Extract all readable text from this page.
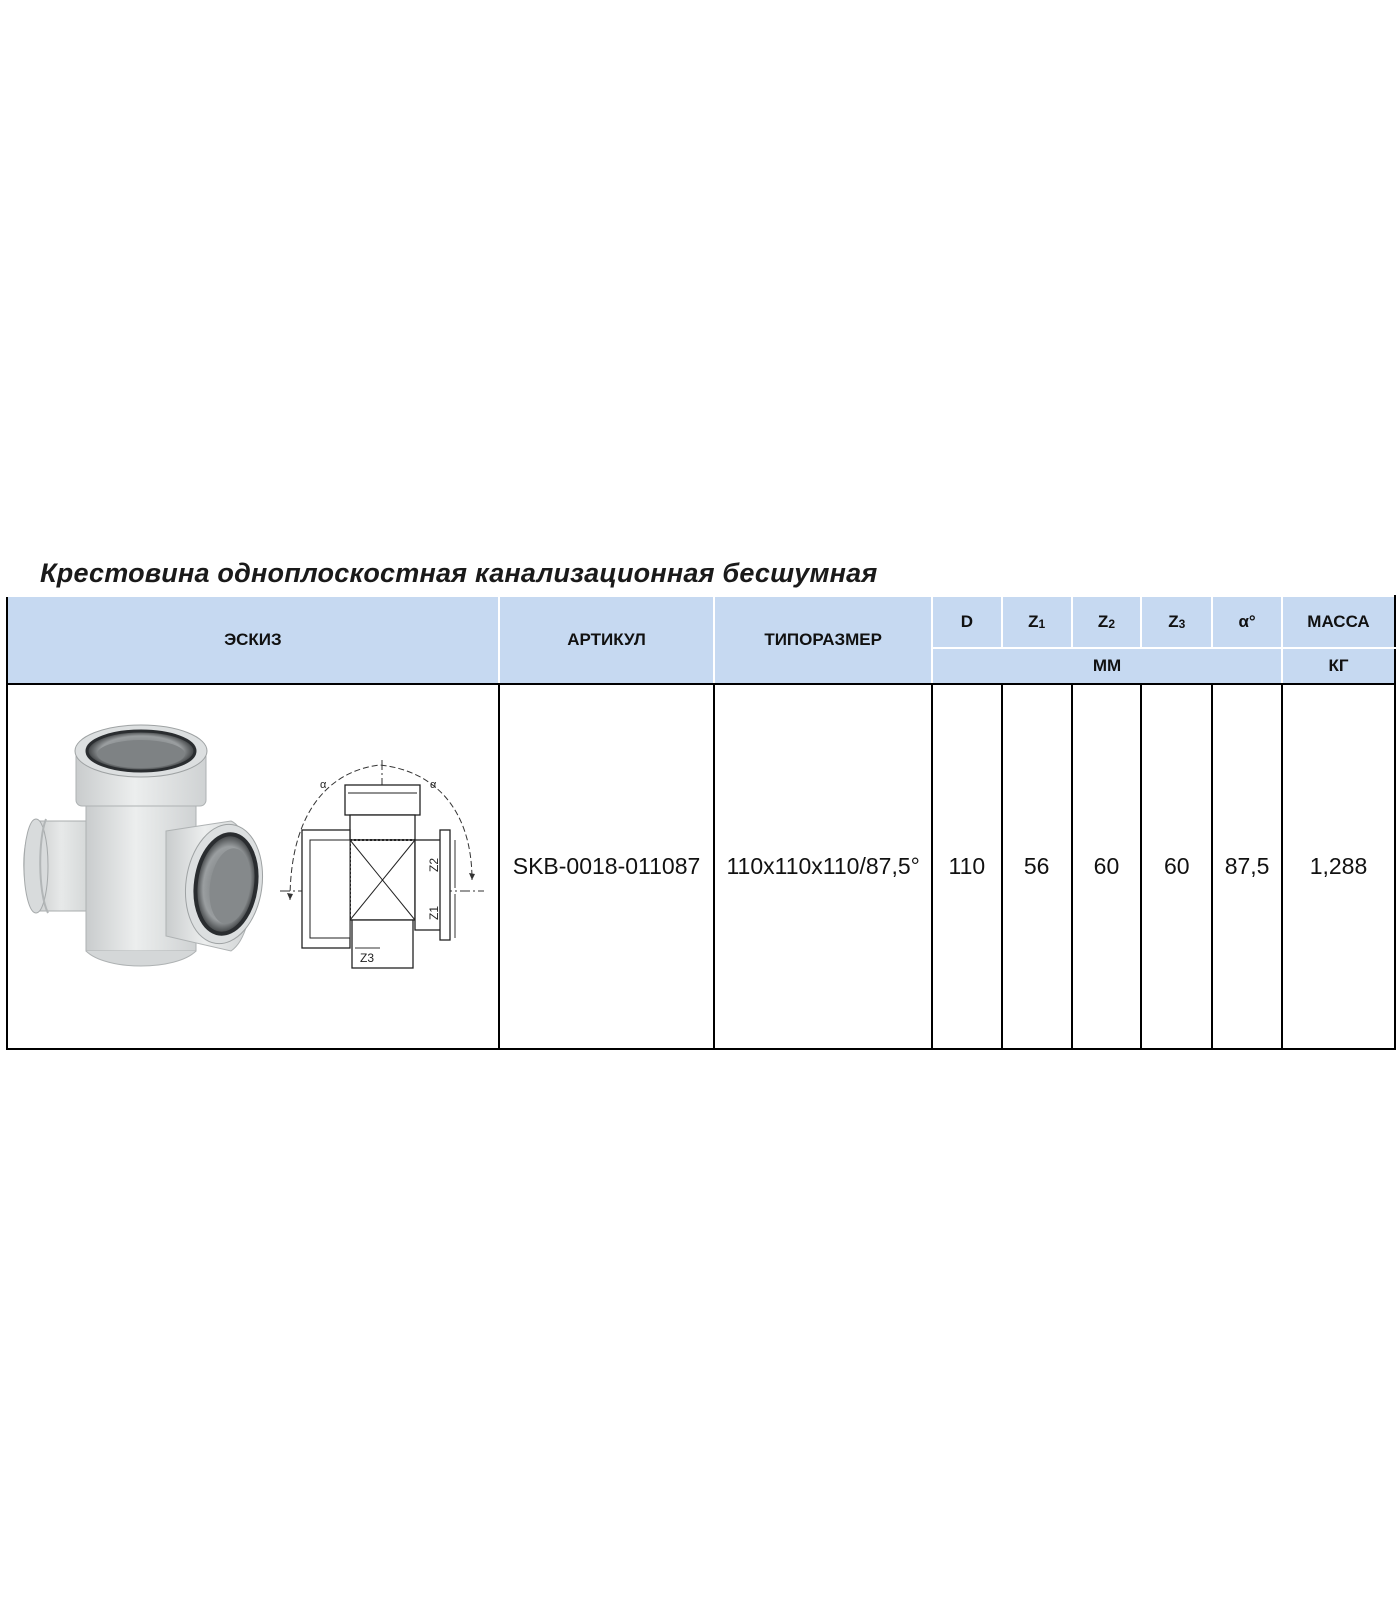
Крестовина одноплоскостная канализационная бесшумная
ЭСКИЗ	АРТИКУЛ	ТИПОРАЗМЕР	D	$Z_1$	$Z_2$	$Z_3$	α°	МАССА
			ММ					КГ

Z2
Z1
Z3
α α	SKB-0018-011087	110x110x110/87,5°	110	56	60	60	87,5	1,288
